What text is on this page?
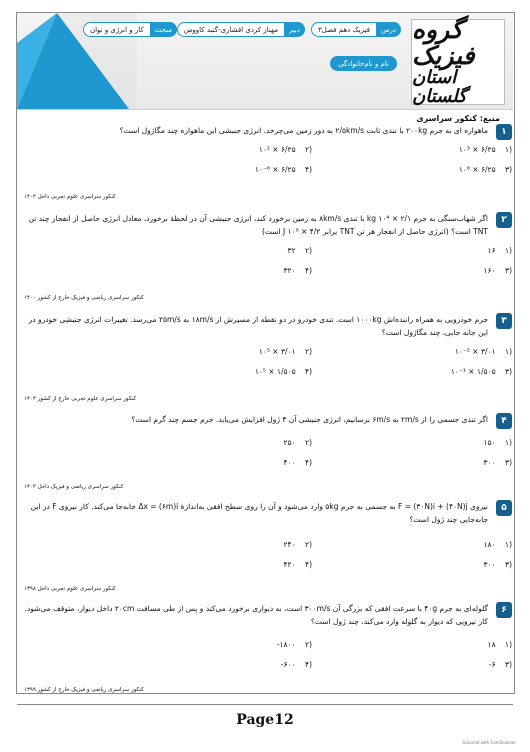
گروه فیزیک
استان گلستان
درس
فیزیک دهم فصل۳
دبیر
مهناز کردی افشاری-گنبد کاووس
مبحث
کار و انرژی و توان
نام و نام‌خانوادگی
منبع: کنکور سراسری
۱
ماهواره ای به جرم ۲۰۰kg با تندی ثابت ۲/۵km/s به دور زمین می‌چرخد. انرژی جنبشی این ماهواره چند مگاژول است؟
(۱ ۶/۲۵ × ۱۰³
(۲ ۶/۲۵ × ۱۰²
(۳ ۶/۲۵ × ۱۰⁶
(۴ ۶/۲۵ × ۱۰⁻⁶
کنکور سراسری علوم تجربی داخل ۱۴۰۲
۲
اگر شهاب‌سنگی به جرم ۲/۱ × ۱۰⁴ kg با تندی ۸km/s به زمین برخورد کند، انرژی جنبشی آن در لحظهٔ برخورد، معادل انرژی حاصل از انفجار چند تن TNT است؟ (انرژی حاصل از انفجار هر تن TNT برابر ۴/۲ × ۱۰⁹ J است)
(۱ ۱۶
(۲ ۳۲
(۳ ۱۶۰
(۴ ۳۲۰
کنکور سراسری ریاضی و فیزیک خارج از کشور ۱۴۰۰
۳
جرم خودرویی به همراه راننده‌اش ۱۰۰۰kg است. تندی خودرو در دو نقطه از مسیرش از ۱۸m/s به ۲۵m/s می‌رسد. تغییرات انرژی جنبشی خودرو در این جابه جایی، چند مگاژول است؟
(۱ ۳/۰۱ × ۱۰⁻²
(۲ ۳/۰۱ × ۱۰⁵
(۳ ۱/۵۰۵ × ۱۰⁻¹
(۴ ۱/۵۰۵ × ۱۰⁵
کنکور سراسری علوم تجربی خارج از کشور ۱۴۰۲
۴
اگر تندی جسمی را از ۲m/s به ۶m/s برسانیم، انرژی جنبشی آن ۴ ژول افزایش می‌یابد. جرم جسم چند گرم است؟
(۱ ۱۵۰
(۲ ۲۵۰
(۳ ۳۰۰
(۴ ۴۰۰
کنکور سراسری ریاضی و فیزیک داخل ۱۴۰۲
۵
نیروی F = (۳۰N)i + (۴۰N)j به جسمی به جرم ۵kg وارد می‌شود و آن را روی سطح افقی به‌اندازهٔ Δx = (۶m)i جابه‌جا می‌کند. کار نیروی F در این جابه‌جایی چند ژول است؟
(۱ ۱۸۰
(۲ ۲۴۰
(۳ ۳۰۰
(۴ ۴۲۰
کنکور سراسری علوم تجربی داخل ۱۳۹۸
۶
گلوله‌ای به جرم ۴۰g با سرعت افقی که بزرگی آن ۳۰۰m/s است، به دیواری برخورد می‌کند و پس از طی مسافت ۲۰cm داخل دیوار، متوقف می‌شود. کار نیرویی که دیوار به گلوله وارد می‌کند، چند ژول است؟
(۱ ۱۸
(۲ ۱۸۰۰-
(۳ ۶-
(۴ ۶۰۰-
کنکور سراسری ریاضی و فیزیک خارج از کشور ۱۳۹۹
Page12
Scanned with CamScanner
